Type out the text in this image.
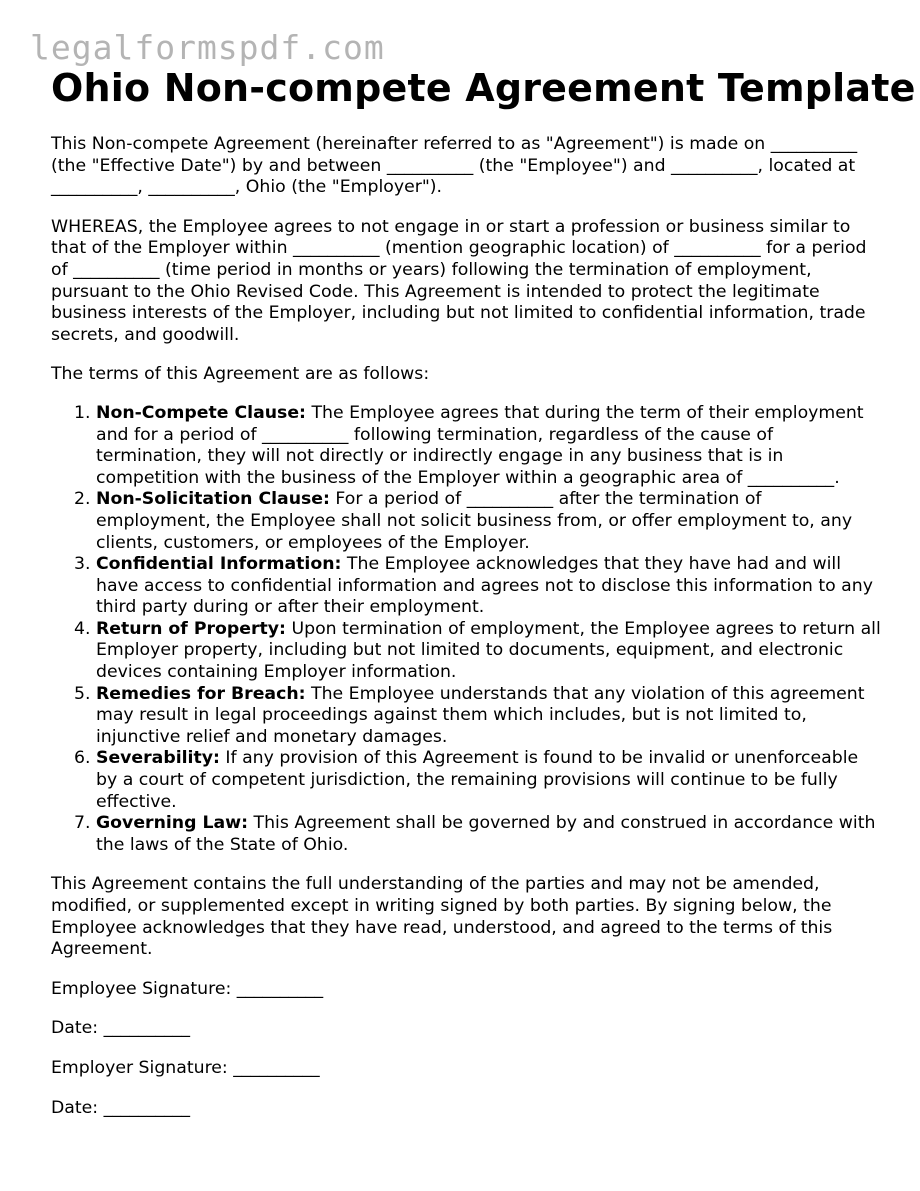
legalformspdf.com
Ohio Non-compete Agreement Template

This Non-compete Agreement (hereinafter referred to as "Agreement") is made on __________ (the "Effective Date") by and between __________ (the "Employee") and __________, located at __________, __________, Ohio (the "Employer").

WHEREAS, the Employee agrees to not engage in or start a profession or business similar to that of the Employer within __________ (mention geographic location) of __________ for a period of __________ (time period in months or years) following the termination of employment, pursuant to the Ohio Revised Code. This Agreement is intended to protect the legitimate business interests of the Employer, including but not limited to confidential information, trade secrets, and goodwill.

The terms of this Agreement are as follows:

1. Non-Compete Clause: The Employee agrees that during the term of their employment and for a period of __________ following termination, regardless of the cause of termination, they will not directly or indirectly engage in any business that is in competition with the business of the Employer within a geographic area of __________.
2. Non-Solicitation Clause: For a period of __________ after the termination of employment, the Employee shall not solicit business from, or offer employment to, any clients, customers, or employees of the Employer.
3. Confidential Information: The Employee acknowledges that they have had and will have access to confidential information and agrees not to disclose this information to any third party during or after their employment.
4. Return of Property: Upon termination of employment, the Employee agrees to return all Employer property, including but not limited to documents, equipment, and electronic devices containing Employer information.
5. Remedies for Breach: The Employee understands that any violation of this agreement may result in legal proceedings against them which includes, but is not limited to, injunctive relief and monetary damages.
6. Severability: If any provision of this Agreement is found to be invalid or unenforceable by a court of competent jurisdiction, the remaining provisions will continue to be fully effective.
7. Governing Law: This Agreement shall be governed by and construed in accordance with the laws of the State of Ohio.

This Agreement contains the full understanding of the parties and may not be amended, modified, or supplemented except in writing signed by both parties. By signing below, the Employee acknowledges that they have read, understood, and agreed to the terms of this Agreement.

Employee Signature: __________

Date: __________

Employer Signature: __________

Date: __________
